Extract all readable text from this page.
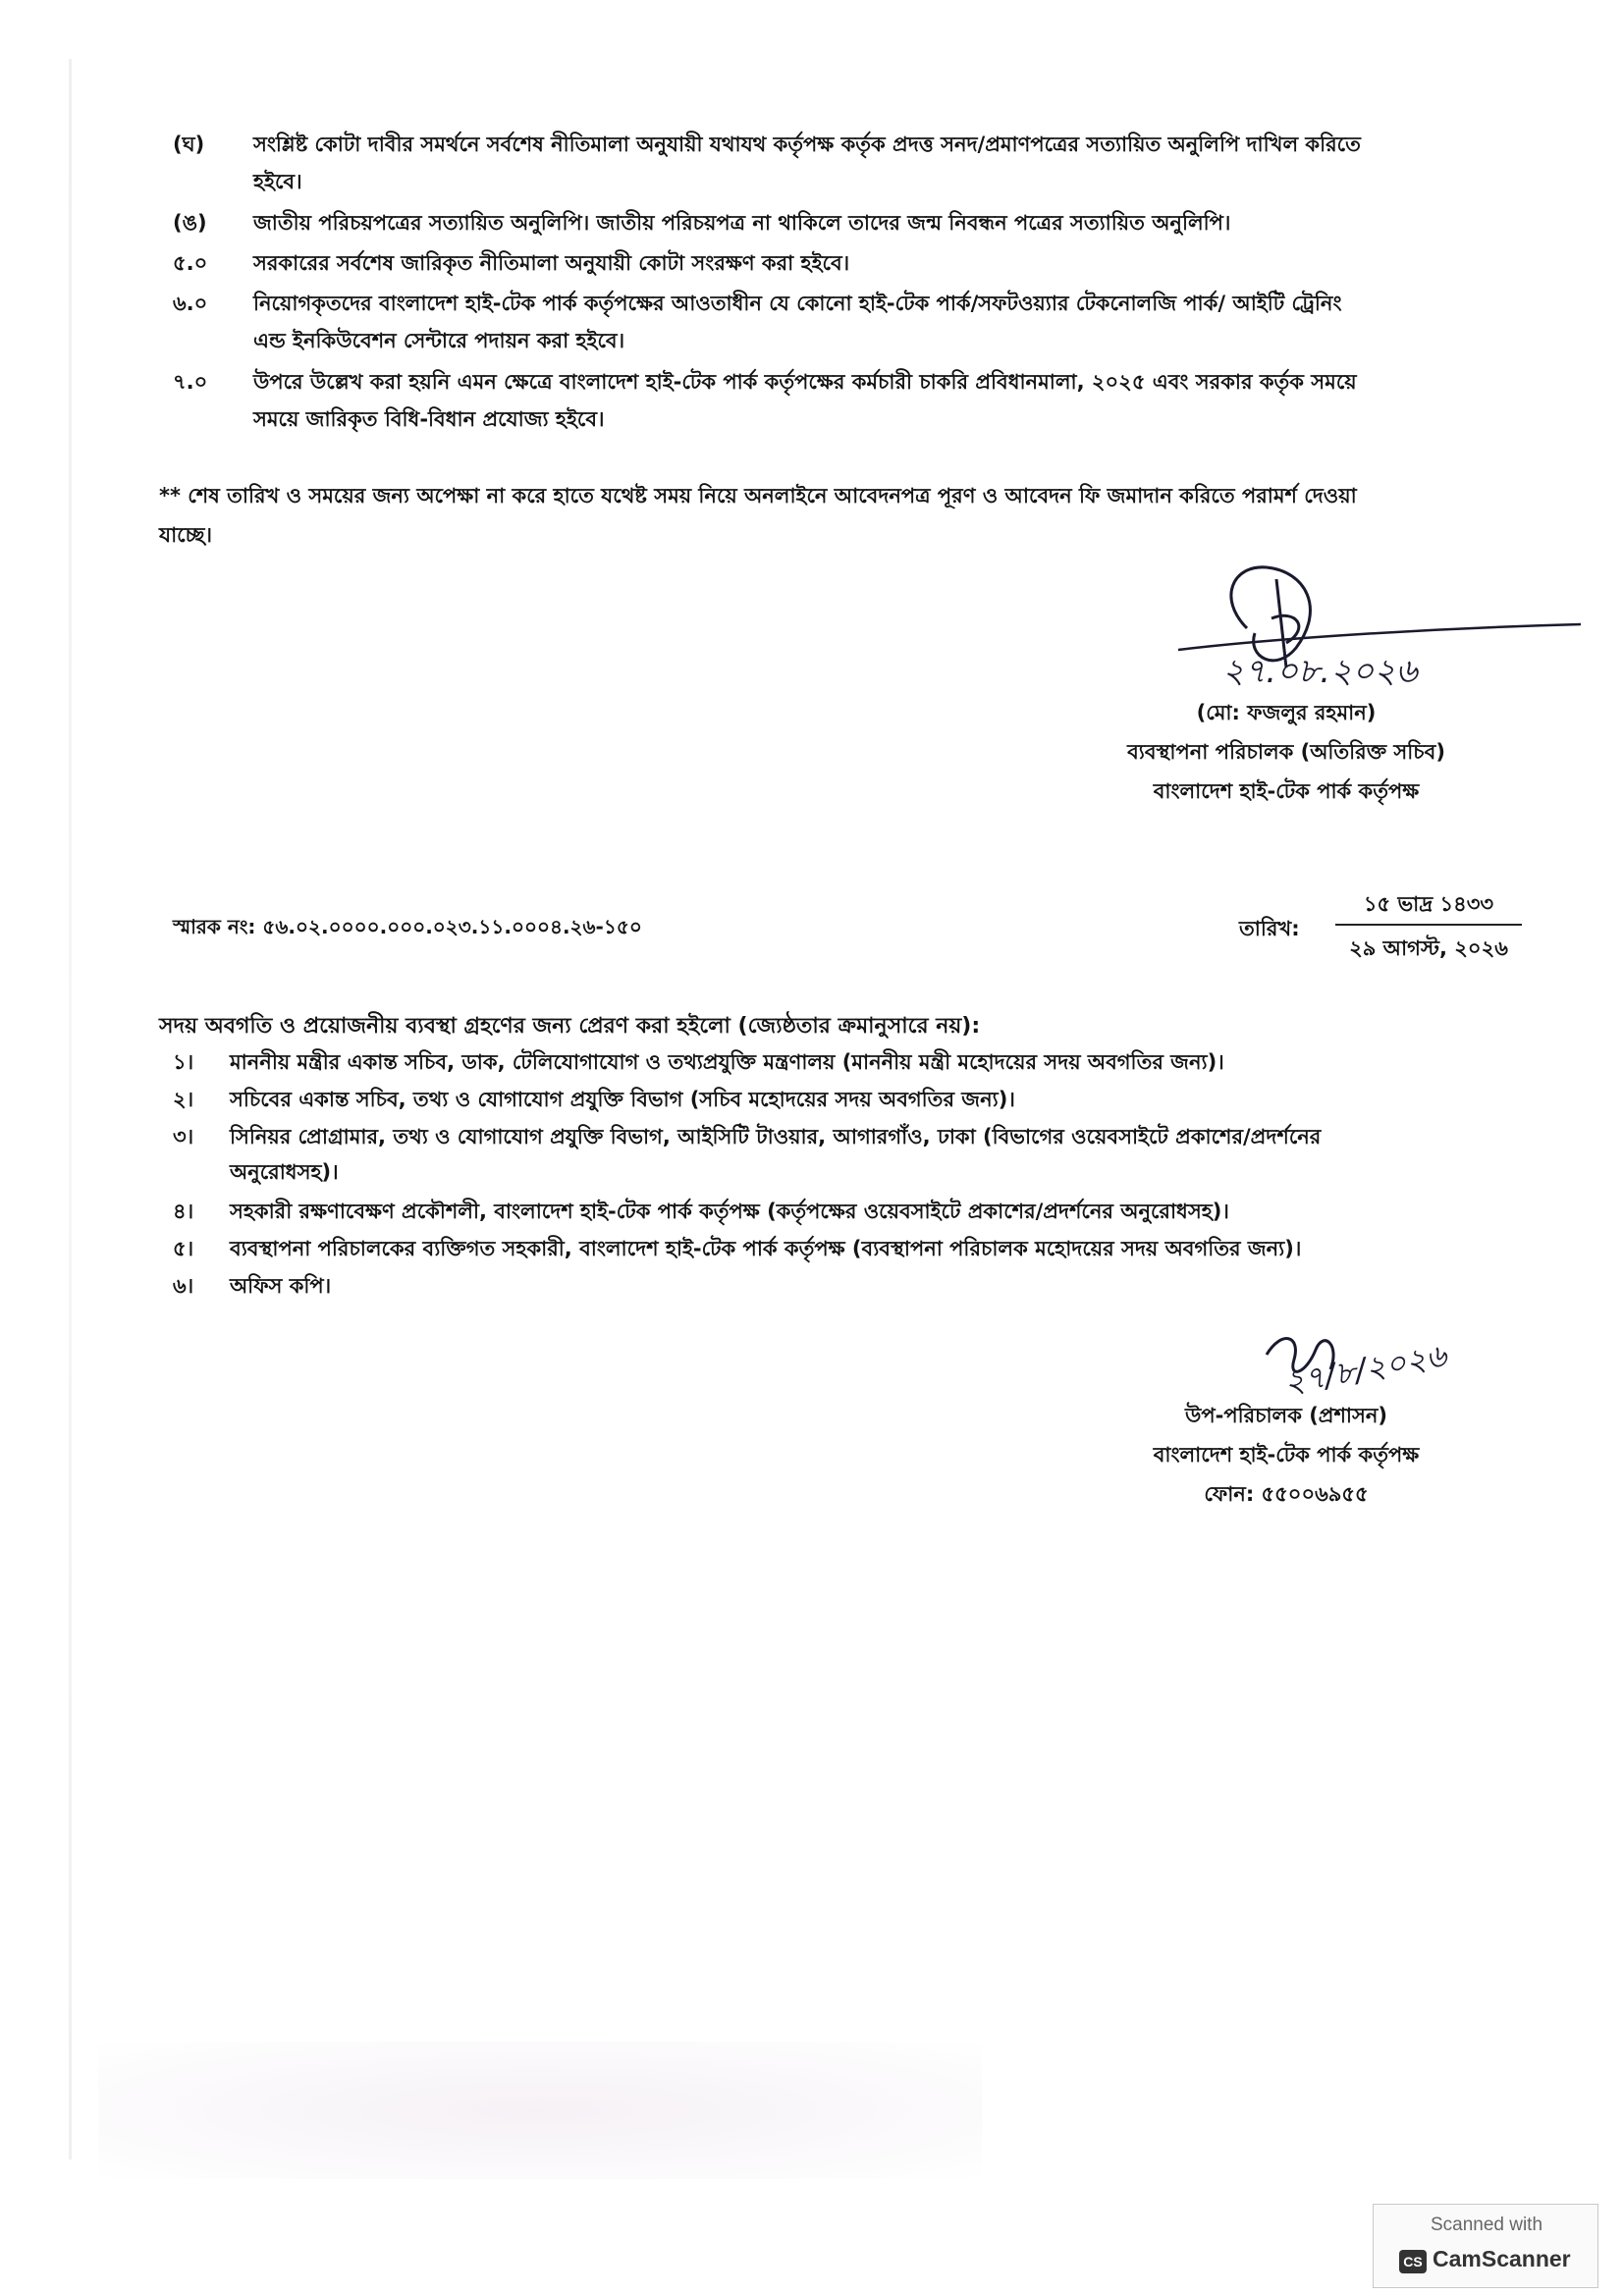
(ঘ) সংশ্লিষ্ট কোটা দাবীর সমর্থনে সর্বশেষ নীতিমালা অনুযায়ী যথাযথ কর্তৃপক্ষ কর্তৃক প্রদত্ত সনদ/প্রমাণপত্রের সত্যায়িত অনুলিপি দাখিল করিতে
হইবে।
(ঙ) জাতীয় পরিচয়পত্রের সত্যায়িত অনুলিপি। জাতীয় পরিচয়পত্র না থাকিলে তাদের জন্ম নিবন্ধন পত্রের সত্যায়িত অনুলিপি।
৫.০ সরকারের সর্বশেষ জারিকৃত নীতিমালা অনুযায়ী কোটা সংরক্ষণ করা হইবে।
৬.০ নিয়োগকৃতদের বাংলাদেশ হাই-টেক পার্ক কর্তৃপক্ষের আওতাধীন যে কোনো হাই-টেক পার্ক/সফটওয়্যার টেকনোলজি পার্ক/ আইটি ট্রেনিং
এন্ড ইনকিউবেশন সেন্টারে পদায়ন করা হইবে।
৭.০ উপরে উল্লেখ করা হয়নি এমন ক্ষেত্রে বাংলাদেশ হাই-টেক পার্ক কর্তৃপক্ষের কর্মচারী চাকরি প্রবিধানমালা, ২০২৫ এবং সরকার কর্তৃক সময়ে
সময়ে জারিকৃত বিধি-বিধান প্রযোজ্য হইবে।
** শেষ তারিখ ও সময়ের জন্য অপেক্ষা না করে হাতে যথেষ্ট সময় নিয়ে অনলাইনে আবেদনপত্র পূরণ ও আবেদন ফি জমাদান করিতে পরামর্শ দেওয়া
যাচ্ছে।
২৭.০৮.২০২৬
(মো: ফজলুর রহমান)
ব্যবস্থাপনা পরিচালক (অতিরিক্ত সচিব)
বাংলাদেশ হাই-টেক পার্ক কর্তৃপক্ষ
স্মারক নং: ৫৬.০২.০০০০.০০০.০২৩.১১.০০০৪.২৬-১৫০	তারিখ:
১৫ ভাদ্র ১৪৩৩
২৯ আগস্ট, ২০২৬
সদয় অবগতি ও প্রয়োজনীয় ব্যবস্থা গ্রহণের জন্য প্রেরণ করা হইলো (জ্যেষ্ঠতার ক্রমানুসারে নয়):
১। মাননীয় মন্ত্রীর একান্ত সচিব, ডাক, টেলিযোগাযোগ ও তথ্যপ্রযুক্তি মন্ত্রণালয় (মাননীয় মন্ত্রী মহোদয়ের সদয় অবগতির জন্য)।
২। সচিবের একান্ত সচিব, তথ্য ও যোগাযোগ প্রযুক্তি বিভাগ (সচিব মহোদয়ের সদয় অবগতির জন্য)।
৩। সিনিয়র প্রোগ্রামার, তথ্য ও যোগাযোগ প্রযুক্তি বিভাগ, আইসিটি টাওয়ার, আগারগাঁও, ঢাকা (বিভাগের ওয়েবসাইটে প্রকাশের/প্রদর্শনের
অনুরোধসহ)।
৪। সহকারী রক্ষণাবেক্ষণ প্রকৌশলী, বাংলাদেশ হাই-টেক পার্ক কর্তৃপক্ষ (কর্তৃপক্ষের ওয়েবসাইটে প্রকাশের/প্রদর্শনের অনুরোধসহ)।
৫। ব্যবস্থাপনা পরিচালকের ব্যক্তিগত সহকারী, বাংলাদেশ হাই-টেক পার্ক কর্তৃপক্ষ (ব্যবস্থাপনা পরিচালক মহোদয়ের সদয় অবগতির জন্য)।
৬। অফিস কপি।
২৭/৮/২০২৬
উপ-পরিচালক (প্রশাসন)
বাংলাদেশ হাই-টেক পার্ক কর্তৃপক্ষ
ফোন: ৫৫০০৬৯৫৫
Scanned with
CS CamScanner
